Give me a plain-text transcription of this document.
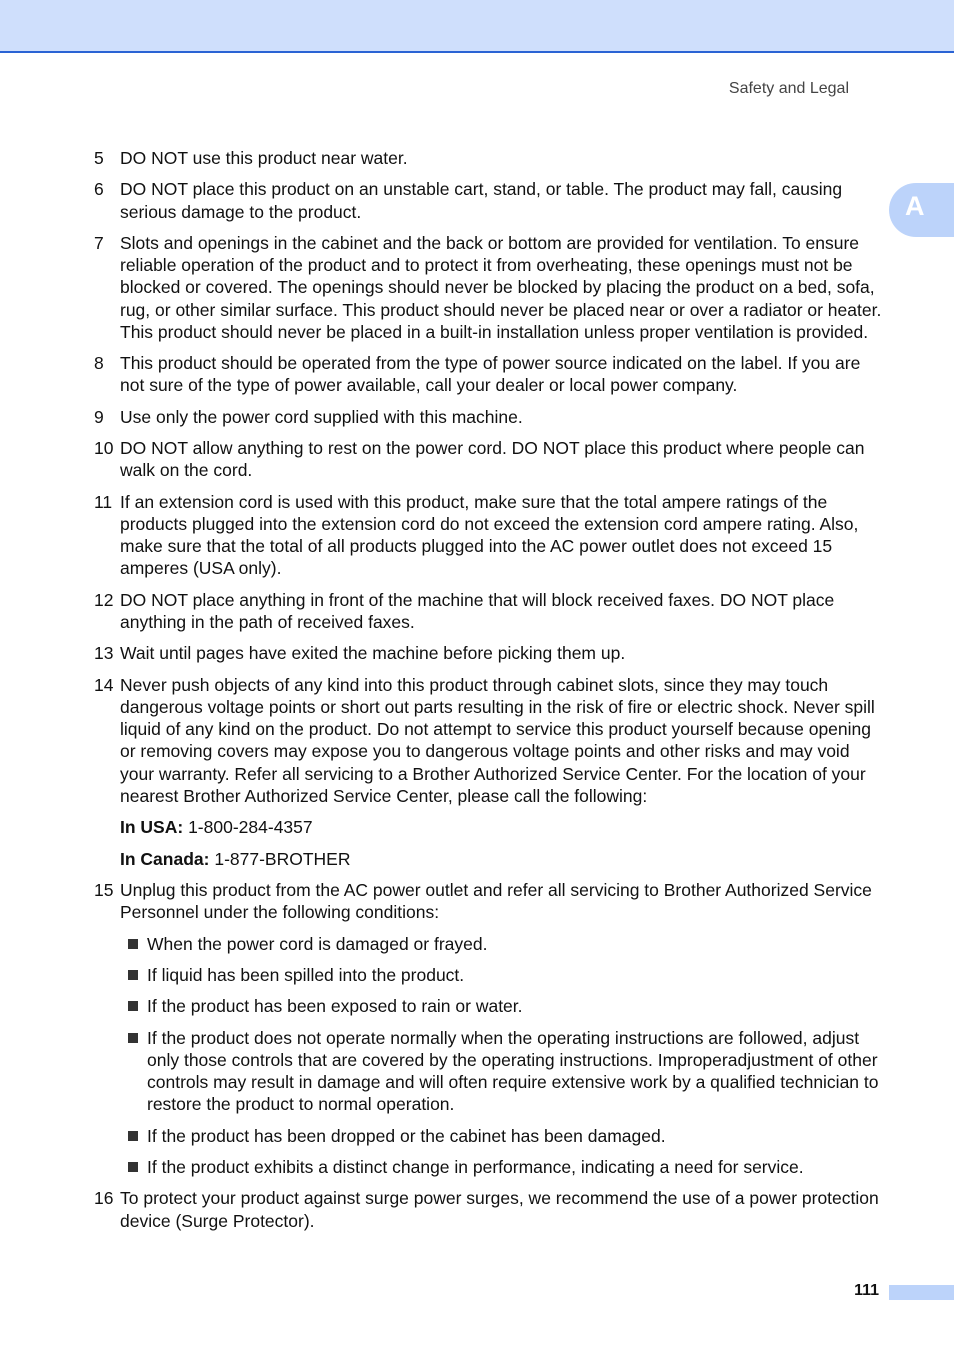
Safety and Legal
A
5 DO NOT use this product near water.
6 DO NOT place this product on an unstable cart, stand, or table. The product may fall, causing serious damage to the product.
7 Slots and openings in the cabinet and the back or bottom are provided for ventilation. To ensure reliable operation of the product and to protect it from overheating, these openings must not be blocked or covered. The openings should never be blocked by placing the product on a bed, sofa, rug, or other similar surface. This product should never be placed near or over a radiator or heater. This product should never be placed in a built-in installation unless proper ventilation is provided.
8 This product should be operated from the type of power source indicated on the label. If you are not sure of the type of power available, call your dealer or local power company.
9 Use only the power cord supplied with this machine.
10 DO NOT allow anything to rest on the power cord. DO NOT place this product where people can walk on the cord.
11 If an extension cord is used with this product, make sure that the total ampere ratings of the products plugged into the extension cord do not exceed the extension cord ampere rating. Also, make sure that the total of all products plugged into the AC power outlet does not exceed 15 amperes (USA only).
12 DO NOT place anything in front of the machine that will block received faxes. DO NOT place anything in the path of received faxes.
13 Wait until pages have exited the machine before picking them up.
14 Never push objects of any kind into this product through cabinet slots, since they may touch dangerous voltage points or short out parts resulting in the risk of fire or electric shock. Never spill liquid of any kind on the product. Do not attempt to service this product yourself because opening or removing covers may expose you to dangerous voltage points and other risks and may void your warranty. Refer all servicing to a Brother Authorized Service Center. For the location of your nearest Brother Authorized Service Center, please call the following:
In USA: 1-800-284-4357
In Canada: 1-877-BROTHER
15 Unplug this product from the AC power outlet and refer all servicing to Brother Authorized Service Personnel under the following conditions:
When the power cord is damaged or frayed.
If liquid has been spilled into the product.
If the product has been exposed to rain or water.
If the product does not operate normally when the operating instructions are followed, adjust only those controls that are covered by the operating instructions. Improperadjustment of other controls may result in damage and will often require extensive work by a qualified technician to restore the product to normal operation.
If the product has been dropped or the cabinet has been damaged.
If the product exhibits a distinct change in performance, indicating a need for service.
16 To protect your product against surge power surges, we recommend the use of a power protection device (Surge Protector).
111
